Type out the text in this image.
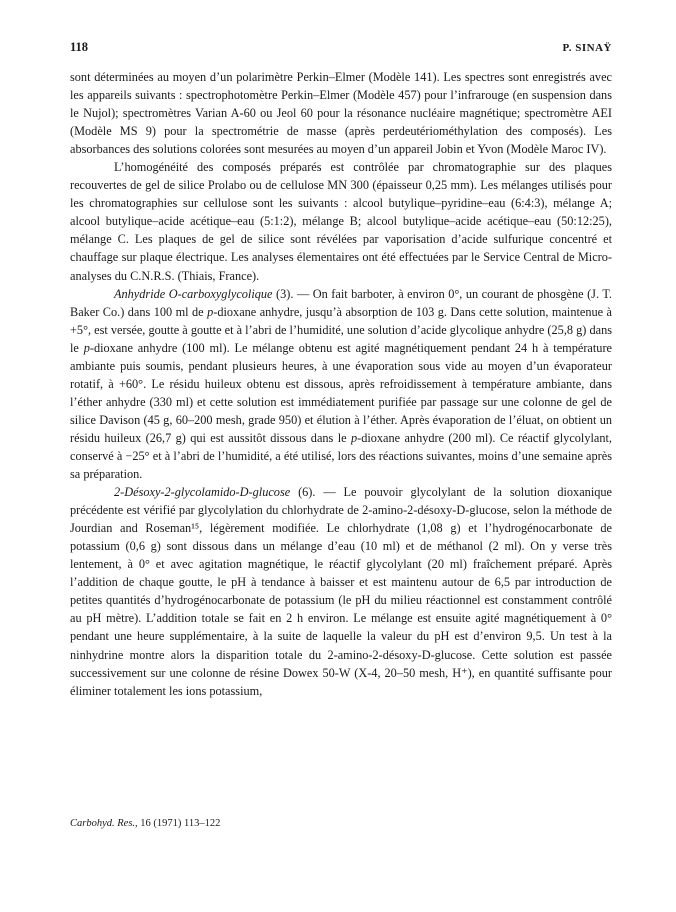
118	P. SINAŸ

sont déterminées au moyen d’un polarimètre Perkin–Elmer (Modèle 141). Les spectres sont enregistrés avec les appareils suivants : spectrophotomètre Perkin–Elmer (Modèle 457) pour l’infrarouge (en suspension dans le Nujol); spectromètres Varian A-60 ou Jeol 60 pour la résonance nucléaire magnétique; spectromètre AEI (Modèle MS 9) pour la spectrométrie de masse (après perdeutériométhylation des composés). Les absorbances des solutions colorées sont mesurées au moyen d’un appareil Jobin et Yvon (Modèle Maroc IV).

L’homogénéité des composés préparés est contrôlée par chromatographie sur des plaques recouvertes de gel de silice Prolabo ou de cellulose MN 300 (épaisseur 0,25 mm). Les mélanges utilisés pour les chromatographies sur cellulose sont les suivants : alcool butylique–pyridine–eau (6:4:3), mélange A; alcool butylique–acide acétique–eau (5:1:2), mélange B; alcool butylique–acide acétique–eau (50:12:25), mélange C. Les plaques de gel de silice sont révélées par vaporisation d’acide sulfurique concentré et chauffage sur plaque électrique. Les analyses élementaires ont été effectuées par le Service Central de Micro-analyses du C.N.R.S. (Thiais, France).

Anhydride O-carboxyglycolique (3). — On fait barboter, à environ 0°, un courant de phosgène (J. T. Baker Co.) dans 100 ml de p-dioxane anhydre, jusqu’à absorption de 103 g. Dans cette solution, maintenue à +5°, est versée, goutte à goutte et à l’abri de l’humidité, une solution d’acide glycolique anhydre (25,8 g) dans le p-dioxane anhydre (100 ml). Le mélange obtenu est agité magnétiquement pendant 24 h à température ambiante puis soumis, pendant plusieurs heures, à une évaporation sous vide au moyen d’un évaporateur rotatif, à +60°. Le résidu huileux obtenu est dissous, après refroidissement à température ambiante, dans l’éther anhydre (330 ml) et cette solution est immédiatement purifiée par passage sur une colonne de gel de silice Davison (45 g, 60–200 mesh, grade 950) et élution à l’éther. Après évaporation de l’éluat, on obtient un résidu huileux (26,7 g) qui est aussitôt dissous dans le p-dioxane anhydre (200 ml). Ce réactif glycolylant, conservé à −25° et à l’abri de l’humidité, a été utilisé, lors des réactions suivantes, moins d’une semaine après sa préparation.

2-Désoxy-2-glycolamido-D-glucose (6). — Le pouvoir glycolylant de la solution dioxanique précédente est vérifié par glycolylation du chlorhydrate de 2-amino-2-désoxy-D-glucose, selon la méthode de Jourdian and Roseman¹⁵, légèrement modifiée. Le chlorhydrate (1,08 g) et l’hydrogénocarbonate de potassium (0,6 g) sont dissous dans un mélange d’eau (10 ml) et de méthanol (2 ml). On y verse très lentement, à 0° et avec agitation magnétique, le réactif glycolylant (20 ml) fraîchement préparé. Après l’addition de chaque goutte, le pH à tendance à baisser et est maintenu autour de 6,5 par introduction de petites quantités d’hydrogénocarbonate de potassium (le pH du milieu réactionnel est constamment contrôlé au pH mètre). L’addition totale se fait en 2 h environ. Le mélange est ensuite agité magnétiquement à 0° pendant une heure supplémentaire, à la suite de laquelle la valeur du pH est d’environ 9,5. Un test à la ninhydrine montre alors la disparition totale du 2-amino-2-désoxy-D-glucose. Cette solution est passée successivement sur une colonne de résine Dowex 50-W (X-4, 20–50 mesh, H⁺), en quantité suffisante pour éliminer totalement les ions potassium,

Carbohyd. Res., 16 (1971) 113–122
